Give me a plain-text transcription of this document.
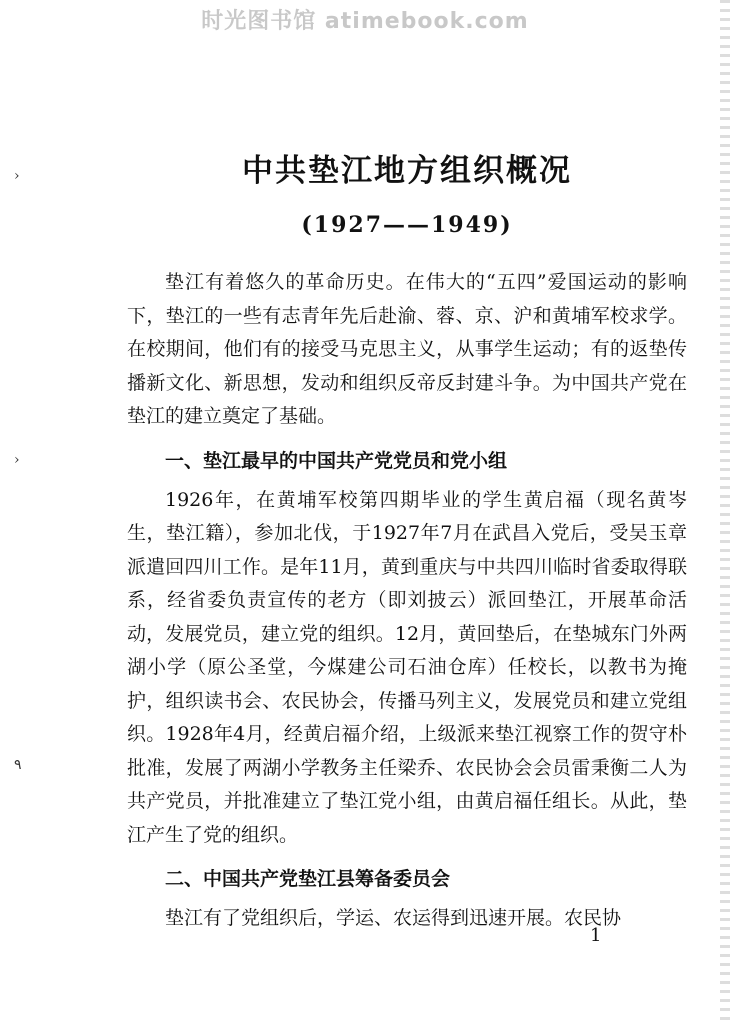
时光图书馆 atimebook.com
›
›
٩
中共垫江地方组织概况
(1927——1949)

垫江有着悠久的革命历史。在伟大的“五四”爱国运动的影响下，垫江的一些有志青年先后赴渝、蓉、京、沪和黄埔军校求学。在校期间，他们有的接受马克思主义，从事学生运动；有的返垫传播新文化、新思想，发动和组织反帝反封建斗争。为中国共产党在垫江的建立奠定了基础。

一、垫江最早的中国共产党党员和党小组

1926年，在黄埔军校第四期毕业的学生黄启福（现名黄岑生，垫江籍），参加北伐，于1927年7月在武昌入党后，受吴玉章派遣回四川工作。是年11月，黄到重庆与中共四川临时省委取得联系，经省委负责宣传的老方（即刘披云）派回垫江，开展革命活动，发展党员，建立党的组织。12月，黄回垫后，在垫城东门外两湖小学（原公圣堂，今煤建公司石油仓库）任校长，以教书为掩护，组织读书会、农民协会，传播马列主义，发展党员和建立党组织。1928年4月，经黄启福介绍，上级派来垫江视察工作的贺守朴批准，发展了两湖小学教务主任梁乔、农民协会会员雷秉衡二人为共产党员，并批准建立了垫江党小组，由黄启福任组长。从此，垫江产生了党的组织。

二、中国共产党垫江县筹备委员会

垫江有了党组织后，学运、农运得到迅速开展。农民协

1
